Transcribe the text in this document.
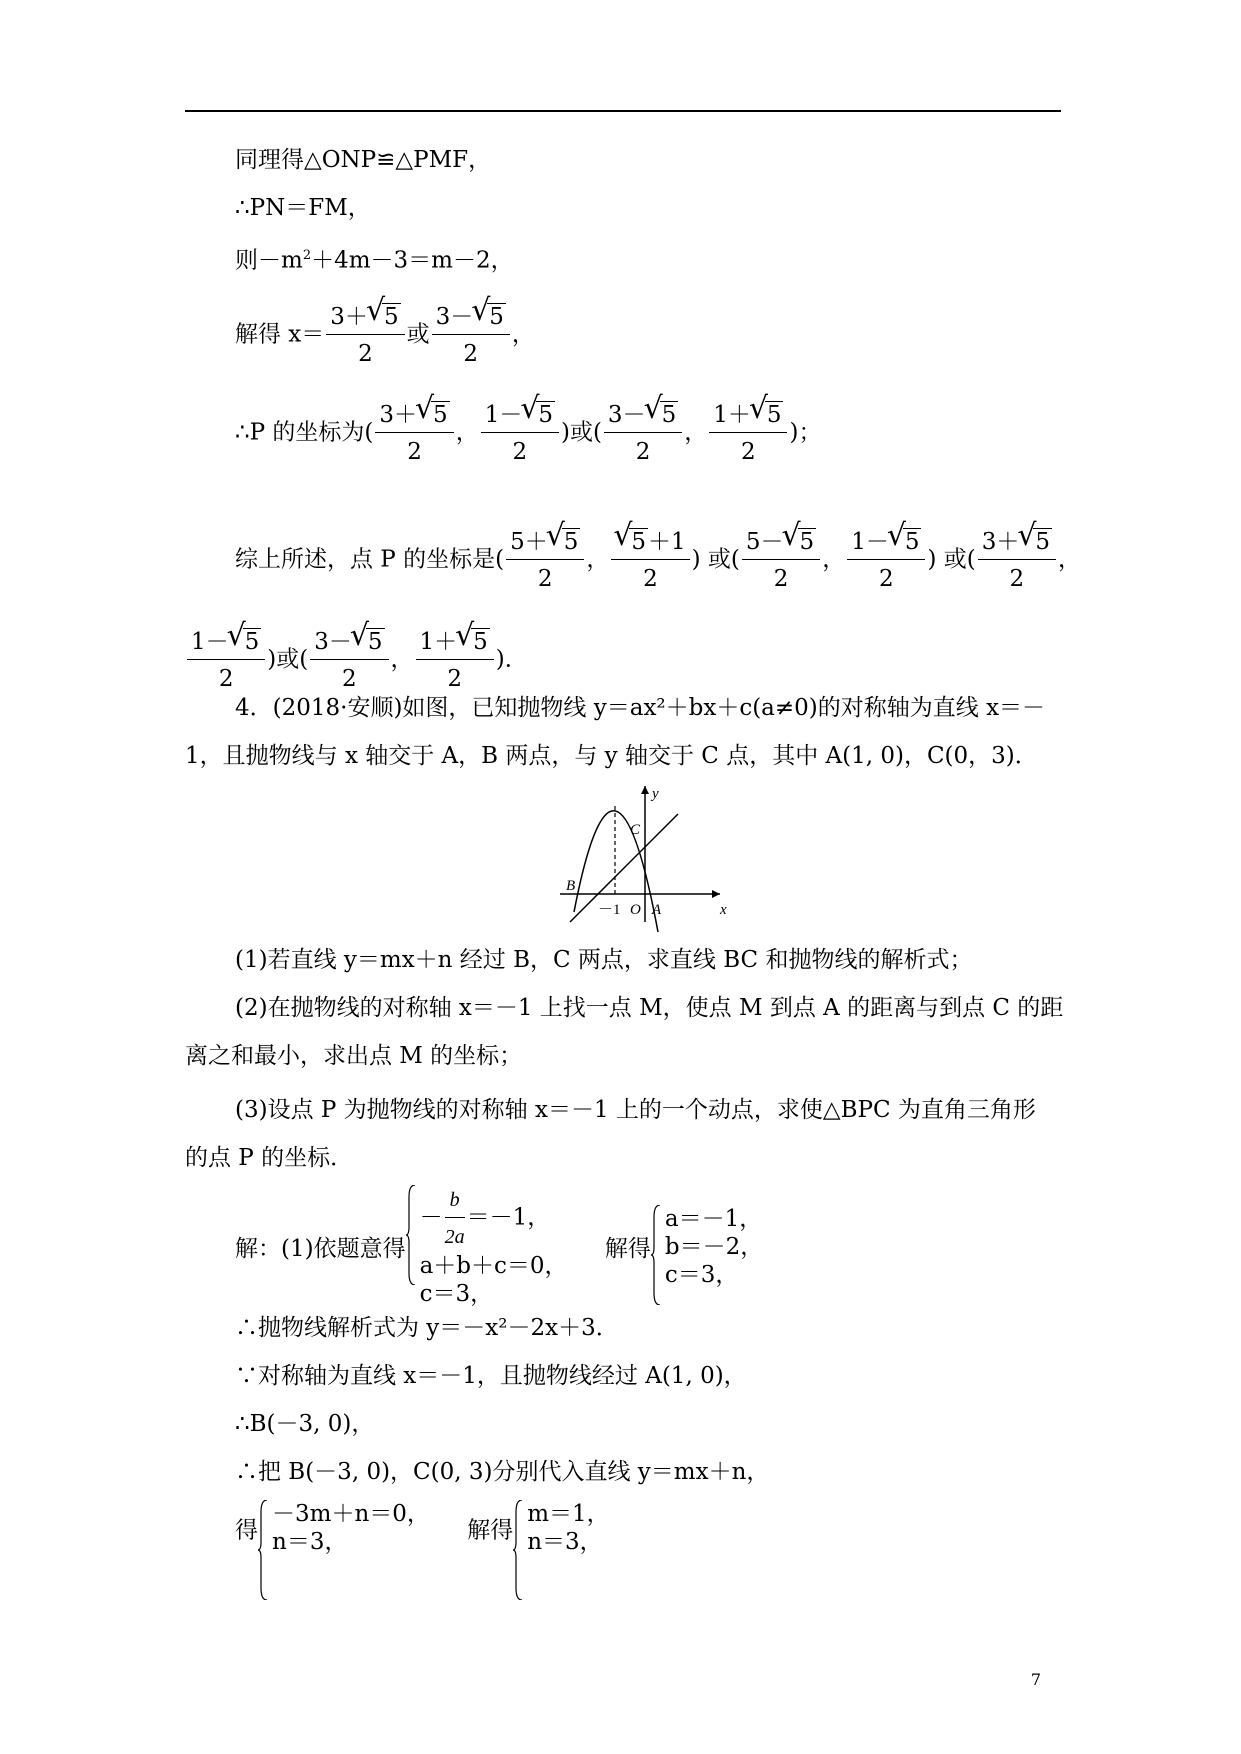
同理得△ONP≌△PMF，
∴PN＝FM，
则$-m^2+4m-3=m-2$，
解得 $x= \frac{3+ √ 5}{2}$ 或 $\frac{3- √ 5}{2}$ ，
∴P 的坐标为( $\frac{3+ √ 5}{2}$ ， $\frac{1- √ 5}{2}$ )或( $\frac{3- √ 5}{2}$ ， $\frac{1+ √ 5}{2}$ )；
综上所述，点 P 的坐标是( $\frac{5+ √ 5}{2}$ ， √ $\frac{5+1}{2}$ ) 或( $\frac{5- √ 5}{2}$ ， $\frac{1- √ 5}{2}$ ) 或( $\frac{3+ √ 5}{2}$ ，
$\frac{1- √ 5}{2}$ )或( $\frac{3- √ 5}{2}$ ， $\frac{1+ √ 5}{2}$ )．
4．(2018·安顺)如图，已知抛物线 y＝ax²＋bx＋c(a≠0)的对称轴为直线 x＝－
1，且抛物线与 x 轴交于 A，B 两点，与 y 轴交于 C 点，其中 A(1, 0)，C(0，3)．
B
C
O A	x
y
－1
(1)若直线 y＝mx＋n 经过 B，C 两点，求直线 BC 和抛物线的解析式；
(2)在抛物线的对称轴 x＝－1 上找一点 M，使点 M 到点 A 的距离与到点 C 的距
离之和最小，求出点 M 的坐标；
(3)设点 P 为抛物线的对称轴 x＝－1 上的一个动点，求使△BPC 为直角三角形
的点 P 的坐标．
解：(1)依题意得
－ $\frac{b}{2a} =-1$，
a＋b＋c＝0，
c＝3，
解得
a＝－1，
b＝－2，
c＝3，
∴抛物线解析式为 y＝－x²－2x＋3．
∵对称轴为直线 x＝－1，且抛物线经过 A(1, 0)，
∴B(－3, 0)，
∴把 B(－3, 0)，C(0, 3)分别代入直线 y＝mx＋n，
得
－3m＋n＝0，
n＝3，	解得
m＝1，
n＝3，
7
